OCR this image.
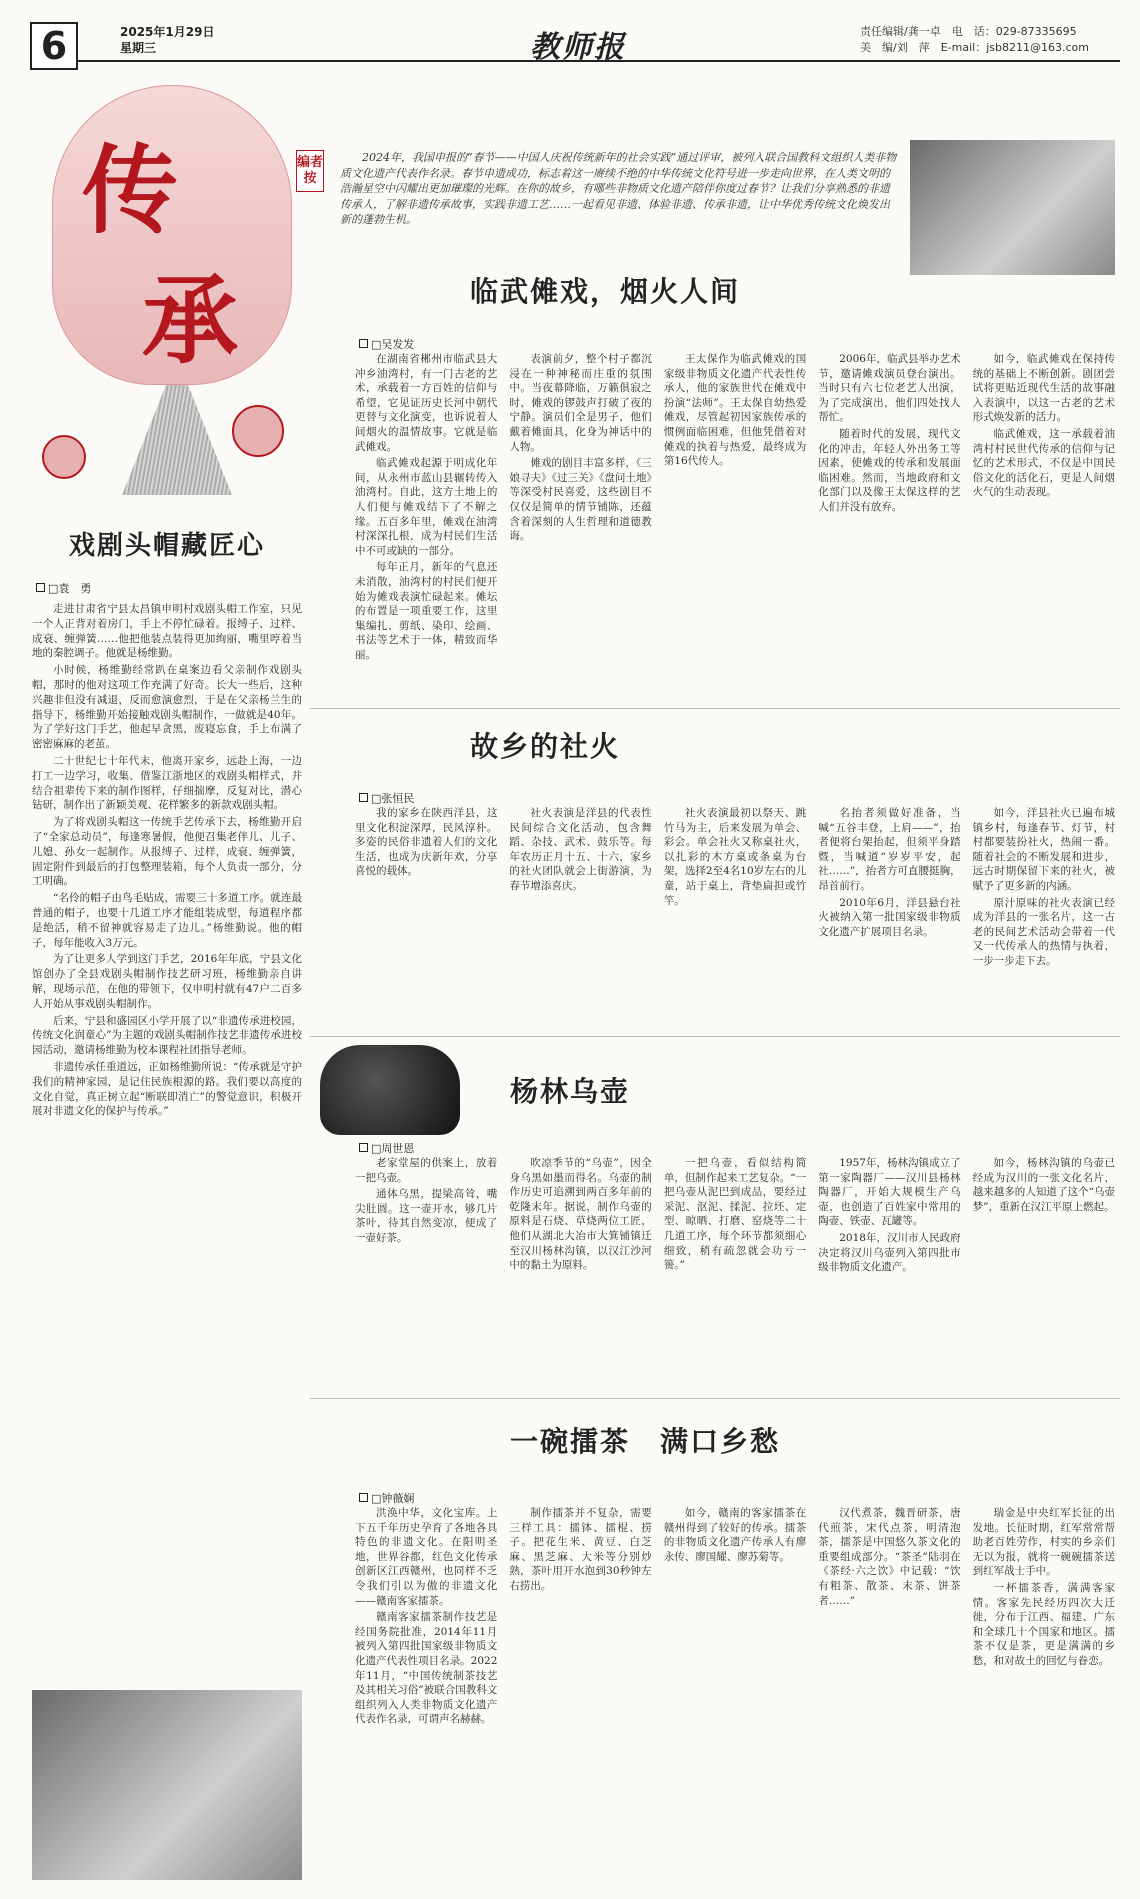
6	2025年1月29日
星期三	教师报	责任编辑/龚一卓　电　话：029-87335695
美　编/刘　萍　E-mail：jsb8211@163.com
传
承
戏剧头帽藏匠心
□袁　勇

走进甘肃省宁县太昌镇申明村戏剧头帽工作室，只见一个人正背对着房门，手上不停忙碌着。报缚子、过样、成衰、缠弹簧……他把他装点装得更加绚丽，嘴里哼着当地的秦腔调子。他就是杨维勤。

小时候，杨维勤经常趴在桌案边看父亲制作戏剧头帽，那时的他对这项工作充满了好奇。长大一些后，这种兴趣非但没有减退，反而愈演愈烈，于是在父亲杨兰生的指导下，杨维勤开始接触戏剧头帽制作，一做就是40年。为了学好这门手艺，他起早贪黑，废寝忘食，手上布满了密密麻麻的老茧。

二十世纪七十年代末，他离开家乡，远赴上海，一边打工一边学习，收集、借鉴江浙地区的戏剧头帽样式，并结合祖辈传下来的制作图样，仔细揣摩，反复对比，潜心钻研，制作出了新颖美观、花样繁多的新款戏剧头帽。

为了将戏剧头帽这一传统手艺传承下去，杨维勤开启了“全家总动员”，每逢寒暑假，他便召集老伴儿、儿子、儿媳、孙女一起制作。从报缚子、过样，成衰、缠弹簧，固定附件到最后的打包整理装箱，每个人负责一部分，分工明确。

“名伶的帽子由鸟毛贴成，需要三十多道工序。就连最普通的帽子，也要十几道工序才能组装成型，每道程序都是绝活，稍不留神就容易走了边儿。”杨维勤说。他的帽子，每年能收入3万元。

为了让更多人学到这门手艺，2016年年底，宁县文化馆创办了全县戏剧头帽制作技艺研习班，杨维勤亲自讲解，现场示范，在他的带领下，仅申明村就有47户二百多人开始从事戏剧头帽制作。

后来，宁县和盛园区小学开展了以“非遗传承进校园，传统文化润童心”为主题的戏剧头帽制作技艺非遗传承进校园活动，邀请杨维勤为校本课程社团指导老师。

非遗传承任重道远，正如杨维勤所说：“传承就是守护我们的精神家园，是记住民族根源的路。我们要以高度的文化自觉，真正树立起“断联即消亡”的警觉意识，积极开展对非遗文化的保护与传承。”

编者按

2024年，我国申报的“春节——中国人庆祝传统新年的社会实践”通过评审，被列入联合国教科文组织人类非物质文化遗产代表作名录。春节申遗成功，标志着这一赓续不绝的中华传统文化符号进一步走向世界，在人类文明的浩瀚星空中闪耀出更加璀璨的光辉。在你的故乡，有哪些非物质文化遗产陪伴你度过春节？让我们分享熟悉的非遗传承人，了解非遗传承故事，实践非遗工艺……一起看见非遗、体验非遗、传承非遗，让中华优秀传统文化焕发出新的蓬勃生机。

临武傩戏，烟火人间
□吴发发

在湖南省郴州市临武县大冲乡油湾村，有一门古老的艺术，承载着一方百姓的信仰与希望，它见证历史长河中朝代更替与文化演变，也诉说着人间烟火的温情故事。它就是临武傩戏。

临武傩戏起源于明成化年间，从永州市蓝山县辗转传入油湾村。自此，这方土地上的人们便与傩戏结下了不解之缘。五百多年里，傩戏在油湾村深深扎根，成为村民们生活中不可或缺的一部分。

每年正月，新年的气息还未消散，油湾村的村民们便开始为傩戏表演忙碌起来。傩坛的布置是一项重要工作，这里集编扎、剪纸、染印、绘画、书法等艺术于一体，精致而华丽。

表演前夕，整个村子都沉浸在一种神秘而庄重的氛围中。当夜幕降临，万籁俱寂之时，傩戏的锣鼓声打破了夜的宁静。演员们全是男子，他们戴着傩面具，化身为神话中的人物。

傩戏的剧目丰富多样，《三娘寻夫》《过三关》《盘问土地》等深受村民喜爱，这些剧目不仅仅是简单的情节铺陈，还蕴含着深刻的人生哲理和道德教诲。

王太保作为临武傩戏的国家级非物质文化遗产代表性传承人，他的家族世代在傩戏中扮演“法师”。王太保自幼热爱傩戏，尽管起初因家族传承的惯例面临困难，但他凭借着对傩戏的执着与热爱，最终成为第16代传人。

2006年，临武县举办艺术节，邀请傩戏演员登台演出。当时只有六七位老艺人出演，为了完成演出，他们四处找人帮忙。

随着时代的发展，现代文化的冲击，年轻人外出务工等因素，使傩戏的传承和发展面临困难。然而，当地政府和文化部门以及像王太保这样的艺人们并没有放弃。

如今，临武傩戏在保持传统的基础上不断创新。剧团尝试将更贴近现代生活的故事融入表演中，以这一古老的艺术形式焕发新的活力。

临武傩戏，这一承载着油湾村村民世代传承的信仰与记忆的艺术形式，不仅是中国民俗文化的活化石，更是人间烟火气的生动表现。

故乡的社火
□张恒民

我的家乡在陕西洋县，这里文化积淀深厚，民风淳朴。多姿的民俗非遗着人们的文化生活，也成为庆新年欢，分享喜悦的载体。

社火表演是洋县的代表性民间综合文化活动，包含舞蹈、杂技、武术、鼓乐等。每年农历正月十五、十六，家乡的社火团队就会上街游演，为春节增添喜庆。

社火表演最初以祭天、跳竹马为主，后来发展为单会、彩会。单会社火又称桌社火，以扎彩的木方桌或条桌为台架，选择2至4名10岁左右的儿童，站于桌上，背垫扁担或竹竿。

名抬者须做好准备，当喊“五谷丰登，上肩——”，抬者便将台架抬起，但须平身踏暨，当喊道“岁岁平安，起社……”，抬者方可直腰挺胸，昂首前行。

2010年6月，洋县悬台社火被纳入第一批国家级非物质文化遗产扩展项目名录。

如今，洋县社火已遍布城镇乡村，每逢春节、灯节，村村都要装扮社火，热闹一番。随着社会的不断发展和进步，远古时期保留下来的社火，被赋予了更多新的内涵。

原汁原味的社火表演已经成为洋县的一张名片，这一古老的民间艺术活动会带着一代又一代传承人的热情与执着，一步一步走下去。

杨林乌壶
□周世恩

老家堂屋的供案上，放着一把乌壶。

通体乌黑，提梁高耸，嘴尖肚圆。这一壶开水，够几片茶叶，待其自然变凉，便成了一壶好茶。

吹凉季节的“乌壶”，因全身乌黑如墨而得名。乌壶的制作历史可追溯到两百多年前的乾隆末年。据说，制作乌壶的原料是石烧、草烧两位工匠，他们从湖北大冶市大箕铺镇迁至汉川杨林沟镇，以汉江沙河中的黏土为原料。

一把乌壶，看似结构简单，但制作起来工艺复杂。“一把乌壶从泥巴到成品，要经过采泥、沤泥、揉泥、拉坯、定型、晾晒、打磨、窑烧等二十几道工序，每个环节都须细心细致，稍有疏忽就会功亏一篑。”

1957年，杨林沟镇成立了第一家陶器厂——汉川县杨林陶器厂，开始大规模生产乌壶，也创造了百姓家中常用的陶壶、铁壶、瓦罐等。

2018年，汉川市人民政府决定将汉川乌壶列入第四批市级非物质文化遗产。

如今，杨林沟镇的乌壶已经成为汉川的一张文化名片，越来越多的人知道了这个“乌壶梦”，重新在汉江平原上燃起。

一碗擂茶　满口乡愁
□钟薇娴

洪涣中华，文化宝库。上下五千年历史孕育了各地各具特色的非遗文化。在阳明圣地，世界谷都，红色文化传承创新区江西赣州，也同样不乏令我们引以为傲的非遗文化——赣南客家擂茶。

赣南客家擂茶制作技艺是经国务院批准，2014年11月被列入第四批国家级非物质文化遗产代表性项目名录。2022年11月，“中国传统制茶技艺及其相关习俗”被联合国教科文组织列入人类非物质文化遗产代表作名录，可谓声名赫赫。

制作擂茶并不复杂，需要三样工具：擂钵、擂棍、捞子。把花生米、黄豆、白芝麻、黑芝麻、大米等分别炒熟，茶叶用开水泡到30秒钟左右捞出。

如今，赣南的客家擂茶在赣州得到了较好的传承。擂茶的非物质文化遗产传承人有廖永传、廖国耀、廖苏菊等。

汉代煮茶，魏晋研茶，唐代煎茶，宋代点茶，明清泡茶，擂茶是中国悠久茶文化的重要组成部分。“茶圣”陆羽在《茶经·六之饮》中记载：“饮有粗茶、散茶、末茶、饼茶者……”

瑞金是中央红军长征的出发地。长征时期，红军常常帮助老百姓劳作，村实的乡亲们无以为报，就将一碗碗擂茶送到红军战士手中。

一杯擂茶香，满满客家情。客家先民经历四次大迁徙，分布于江西、福建、广东和全球几十个国家和地区。擂茶不仅是茶，更是满满的乡愁，和对故土的回忆与眷恋。
